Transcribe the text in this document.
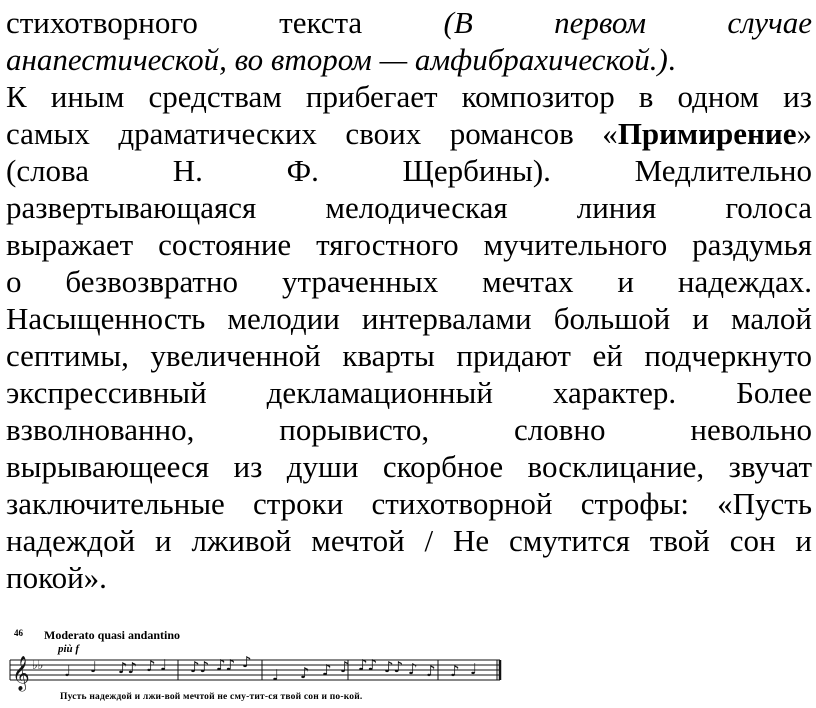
стихотворного	текста	(В	первом	случае
анапестической, во втором — амфибрахической.).
К иным средствам прибегает композитор в одном из
самых драматических своих романсов «Примирение»
(слова Н. Ф. Щербины). Медлительно
развертывающаяся мелодическая линия голоса
выражает состояние тягостного мучительного раздумья
о безвозвратно утраченных мечтах и надеждах.
Насыщенность мелодии интервалами большой и малой
септимы, увеличенной кварты придают ей подчеркнуто
экспрессивный декламационный характер. Более
взволнованно, порывисто, словно невольно
вырывающееся из души скорбное восклицание, звучат
заключительные строки стихотворной строфы: «Пусть
надеждой и лживой мечтой / Не смутится твой сон и
покой».
46 Moderato quasi andantino
più f
𝄞 ♭♭ ♩ ♩ ♪♪ ♪ ♩ ♪♪ ♪♪ ♪
♩ ♪ ♪ ♪ ♪♪ ♪♪ ♪ ♪ ♪ ♩
Пусть надеждой и лжи-вой мечтой не сму-тит-ся твой сон и по-кой.
